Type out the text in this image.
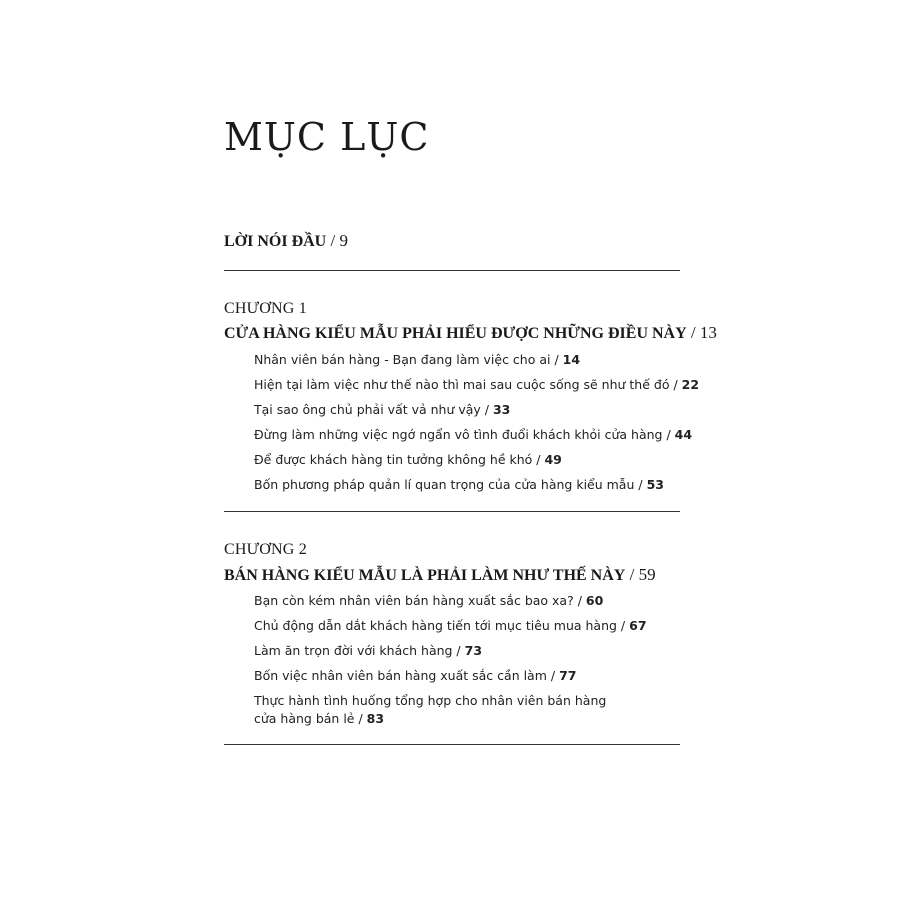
MỤC LỤC
LỜI NÓI ĐẦU / 9
CHƯƠNG 1
CỬA HÀNG KIỂU MẪU PHẢI HIỂU ĐƯỢC NHỮNG ĐIỀU NÀY / 13
Nhân viên bán hàng - Bạn đang làm việc cho ai / 14
Hiện tại làm việc như thế nào thì mai sau cuộc sống sẽ như thế đó / 22
Tại sao ông chủ phải vất vả như vậy / 33
Đừng làm những việc ngớ ngẩn vô tình đuổi khách khỏi cửa hàng / 44
Để được khách hàng tin tưởng không hề khó / 49
Bốn phương pháp quản lí quan trọng của cửa hàng kiểu mẫu / 53
CHƯƠNG 2
BÁN HÀNG KIỂU MẪU LÀ PHẢI LÀM NHƯ THẾ NÀY / 59
Bạn còn kém nhân viên bán hàng xuất sắc bao xa? / 60
Chủ động dẫn dắt khách hàng tiến tới mục tiêu mua hàng / 67
Làm ăn trọn đời với khách hàng / 73
Bốn việc nhân viên bán hàng xuất sắc cần làm / 77
Thực hành tình huống tổng hợp cho nhân viên bán hàng
cửa hàng bán lẻ / 83
